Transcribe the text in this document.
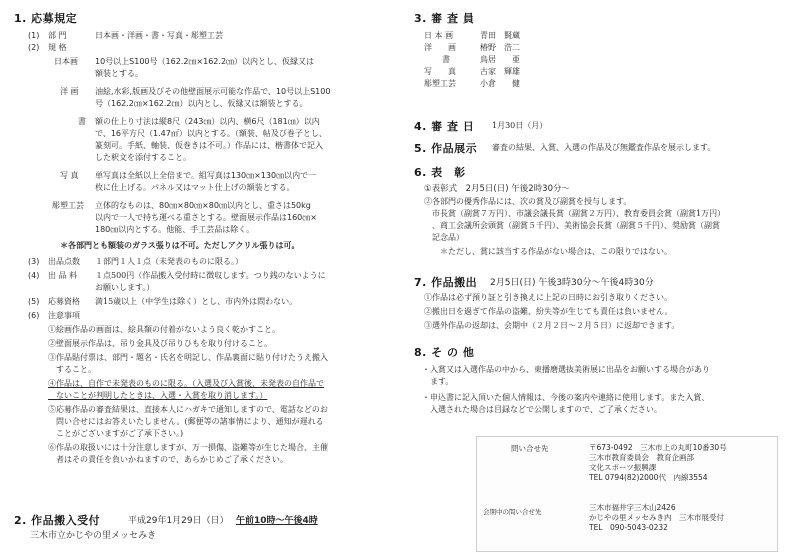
1. 応募規定
(1) 部 門	日本画・洋画・書・写真・彫塑工芸
(2) 規 格
日本画 10号以上S100号（162.2㎝×162.2㎝）以内とし、仮縁又は
額装とする。
洋 画 油絵,水彩,版画及びその他壁面展示可能な作品で、10号以上S100
号（162.2㎝×162.2㎝）以内とし、仮縁又は額装とする。
書 額の仕上り寸法は縦8尺（243㎝）以内、横6尺（181㎝）以内
で、16平方尺（1.47㎡）以内とする。（額装、帖及び巻子とし、
篆刻可。手紙、軸装、仮巻きは不可。）作品には、楷書体で記入
した釈文を添付すること。
写 真 単写真は全紙以上全倍まで。組写真は130㎝×130㎝以内で一
枚に仕上げる。パネル又はマット仕上げの額装とする。
彫塑工芸 立体的なものは、80㎝×80㎝×80㎝以内とし、重さは50kg
以内で一人で持ち運べる重さとする。壁面展示作品は160㎝×
180㎝以内とする。他能、手工芸品は除く。
＊各部門とも額装のガラス張りは不可。ただしアクリル張りは可。
(3) 出品点数 １部門１人１点（未発表のものに限る。）
(4) 出 品 料 １点500円（作品搬入受付時に徴収します。つり銭のないように
お願いします。）
(5) 応募資格 満15歳以上（中学生は除く）とし、市内外は問わない。
(6) 注意事項
①絵画作品の画面は、絵具類の付着がないよう良く乾かすこと。
②壁面展示作品は、吊り金具及び吊りひもを取り付けること。
③作品貼付票は、部門・題名・氏名を明記し、作品裏面に貼り付けたうえ搬入
　すること。
④作品は、自作で未発表のものに限る。（入選及び入賞後、未発表の自作品で
　ないことが判明したときは、入選・入賞を取り消します。）
⑤応募作品の審査結果は、直接本人にハガキで通知しますので、電話などのお
　問い合せにはお答えいたしません。(郵便等の諸事情により、通知が遅れる
　ことがございますがご了承下さい。)
⑥作品の取扱いには十分注意しますが、万一損傷、盗難等が生じた場合、主催
　者はその責任を負いかねますので、あらかじめご了承ください。
2. 作品搬入受付	平成29年1月29日（日） 午前10時～午後4時
三木市立かじやの里メッセみき
3. 審 査 員
日 本 画	青田　賢蔵
洋　　画	椿野　浩二
書	鳥居　　亜
写　　真	古家　輝雄
彫塑工芸	小倉　　健
4. 審 査 日 1月30日（月）
5. 作品展示 審査の結果、入賞、入選の作品及び無鑑査作品を展示します。
6. 表　彰
①表彰式　2月5日(日) 午後2時30分～
②各部門の優秀作品には、次の賞及び副賞を授与します。
　市長賞（副賞７万円）、市議会議長賞（副賞２万円）、教育委員会賞（副賞1万円）
　、商工会議所会頭賞（副賞５千円）、美術協会長賞（副賞５千円）、奨励賞（副賞
　記念品）
　　＊ただし、賞に該当する作品がない場合は、この限りではない。
7. 作品搬出 2月5日(日) 午後3時30分～午後4時30分
①作品は必ず預り証と引き換えに上記の日時にお引き取りください。
②搬出日を過ぎて作品の盗難、紛失等が生じても責任は負いません。
③選外作品の返却は、会期中（２月２日～２月５日）に返却できます。
8. そ の 他
・入賞又は入選作品の中から、東播磨選抜美術展に出品をお願いする場合があり
　ます。
・申込書に記入頂いた個人情報は、今後の案内や連絡に使用します。また入賞、
　入選された場合は目録などで公開しますので、ご了承ください。
問い合せ先	〒673-0492　三木市上の丸町10番30号
三木市教育委員会　教育企画部
文化スポーツ振興課
TEL 0794(82)2000代　内線3554
会期中の問い合せ先	三木市福井字三木山2426
かじやの里メッセみき内　三木市展受付
TEL　090-5043-0232
